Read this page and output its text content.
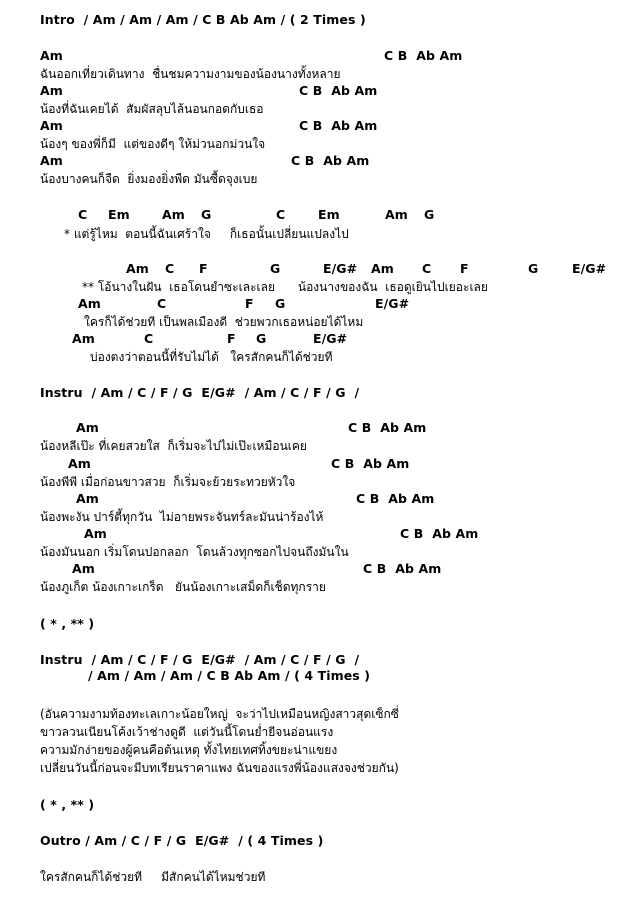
Intro  / Am / Am / Am / C B Ab Am / ( 2 Times )
Am	C B  Ab Am
ฉันออกเที่ยวเดินทาง  ชื่นชมความงามของน้องนางทั้งหลาย
Am	C B  Ab Am
น้องที่ฉันเคยได้  สัมผัสลุบไล้นอนกอดกับเธอ
Am	C B  Ab Am
น้องๆ ของพี่ก็มี  แต่ของดีๆ ให้ม่วนอกม่วนใจ
Am	C B  Ab Am
น้องบางคนก็จืด  ยิ่งมองยิ่งพืด มันซื้ดจุงเบย
C Em	Am G	C	Em	Am G
* แต่รู้ไหม  ตอนนี้ฉันเศร้าใจ     ก็เธอนั้นเปลี่ยนแปลงไป
Am C F	G	E/G# Am C F	G	E/G#
** โอ้นางในฝัน  เธอโดนยำซะเละเลย      น้องนางของฉัน  เธอดูเยินไปเยอะเลย
Am	C	F G	E/G#
ใครก็ได้ช่วยที เป็นพลเมืองดี  ช่วยพวกเธอหน่อยได้ไหม
Am	C	F G	E/G#
บ่องตงว่าตอนนี้ที่รับไม่ได้   ใครสักคนก็ได้ช่วยที
Instru  / Am / C / F / G  E/G#  / Am / C / F / G  /
Am	C B  Ab Am
น้องหลีเป๊ะ ที่เคยสวยใส  ก็เริ่มจะไปไม่เป๊ะเหมือนเคย
Am	C B  Ab Am
น้องพีพี เมื่อก่อนขาวสวย  ก็เริ่มจะย้วยระทวยหัวใจ
Am	C B  Ab Am
น้องพะงัน ปาร์ตี้ทุกวัน  ไม่อายพระจันทร์ละมันน่าร้องไห้
Am	C B  Ab Am
น้องมันนอก เริ่มโดนปอกลอก  โดนล้วงทุกซอกไปจนถึงมันใน
Am	C B  Ab Am
น้องภูเก็ต น้องเกาะเกร็ด   ยันน้องเกาะเสม็ดก็เช็ดทุกราย
( * , ** )
Instru  / Am / C / F / G  E/G#  / Am / C / F / G  /
/ Am / Am / Am / C B Ab Am / ( 4 Times )
(อันความงามท้องทะเลเกาะน้อยใหญ่  จะว่าไปเหมือนหญิงสาวสุดเซ็กซี่
ขาวลวนเนียนโค้งเว้าช่างดูดี  แต่วันนี้โดนย่ำยีจนอ่อนแรง
ความมักง่ายของผู้คนคือต้นเหตุ ทั้งไทยเทศทิ้งขยะน่าแขยง
เปลี่ยนวันนี้ก่อนจะมีบทเรียนราคาแพง ฉันของแรงพี่น้องแสงจงช่วยกัน)
( * , ** )
Outro / Am / C / F / G  E/G#  / ( 4 Times )
ใครสักคนก็ได้ช่วยที     มีสักคนได้ไหมช่วยที
